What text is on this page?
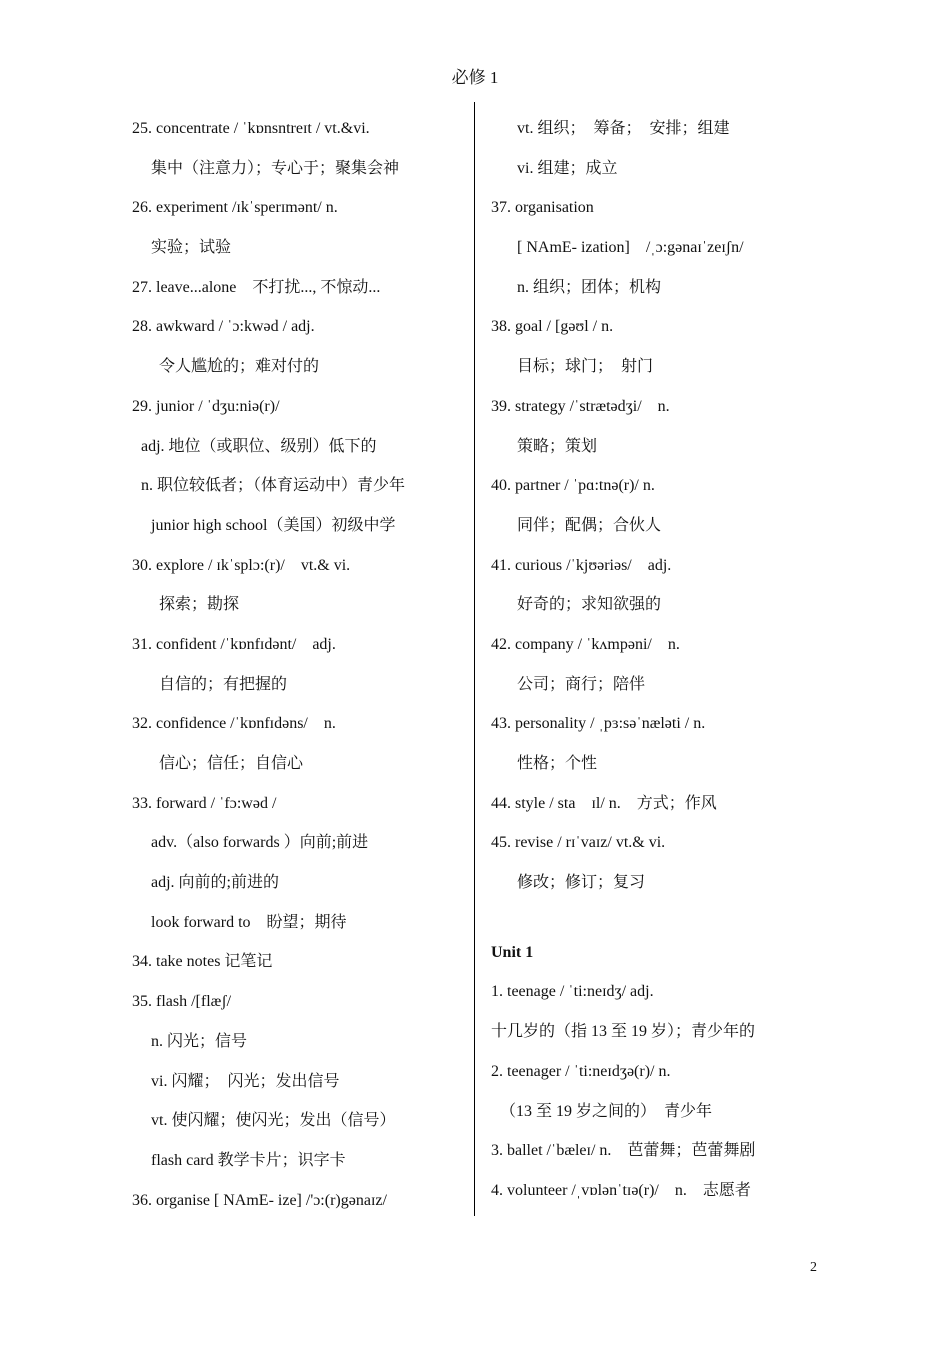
必修 1
25. concentrate / ˈkɒnsntreɪt / vt.&vi.
集中（注意力）；专心于；聚集会神
26. experiment /ɪkˈsperɪmənt/ n.
实验；试验
27. leave...alone　不打扰..., 不惊动...
28. awkward / ˈɔ:kwəd / adj.
令人尴尬的；难对付的
29. junior / ˈdʒu:niə(r)/
adj. 地位（或职位、级别）低下的
n. 职位较低者；（体育运动中）青少年
junior high school（美国）初级中学
30. explore / ɪkˈsplɔ:(r)/　vt.& vi.
探索；勘探
31. confident /ˈkɒnfɪdənt/　adj.
自信的；有把握的
32. confidence /ˈkɒnfɪdəns/　n.
信心；信任；自信心
33. forward / ˈfɔ:wəd /
adv.（also forwards ）向前;前进
adj. 向前的;前进的
look forward to　盼望；期待
34. take notes 记笔记
35. flash /[flæʃ/
n. 闪光；信号
vi. 闪耀；　闪光；发出信号
vt. 使闪耀；使闪光；发出（信号）
flash card 教学卡片；识字卡
36. organise [ NAmE- ize] /'ɔ:(r)gənaɪz/
vt. 组织；　筹备；　安排；组建
vi. 组建；成立
37. organisation
[ NAmE- ization]　/ˌɔ:gənaɪˈzeɪʃn/
n. 组织；团体；机构
38. goal / [gəʊl / n.
目标；球门；　射门
39. strategy /ˈstrætədʒi/　n.
策略；策划
40. partner / ˈpɑ:tnə(r)/ n.
同伴；配偶；合伙人
41. curious /ˈkjʊəriəs/　adj.
好奇的；求知欲强的
42. company / ˈkʌmpəni/　n.
公司；商行；陪伴
43. personality / ˌpɜ:səˈnæləti / n.
性格；个性
44. style / sta　ɪl/ n.　方式；作风
45. revise / rɪˈvaɪz/ vt.& vi.
修改；修订；复习
Unit 1
1. teenage / ˈti:neɪdʒ/ adj.
十几岁的（指 13 至 19 岁）；青少年的
2. teenager / ˈti:neɪdʒə(r)/ n.
（13 至 19 岁之间的）　青少年
3. ballet /ˈbæleɪ/ n.　芭蕾舞；芭蕾舞剧
4. volunteer /ˌvɒlənˈtɪə(r)/　n.　志愿者
2
